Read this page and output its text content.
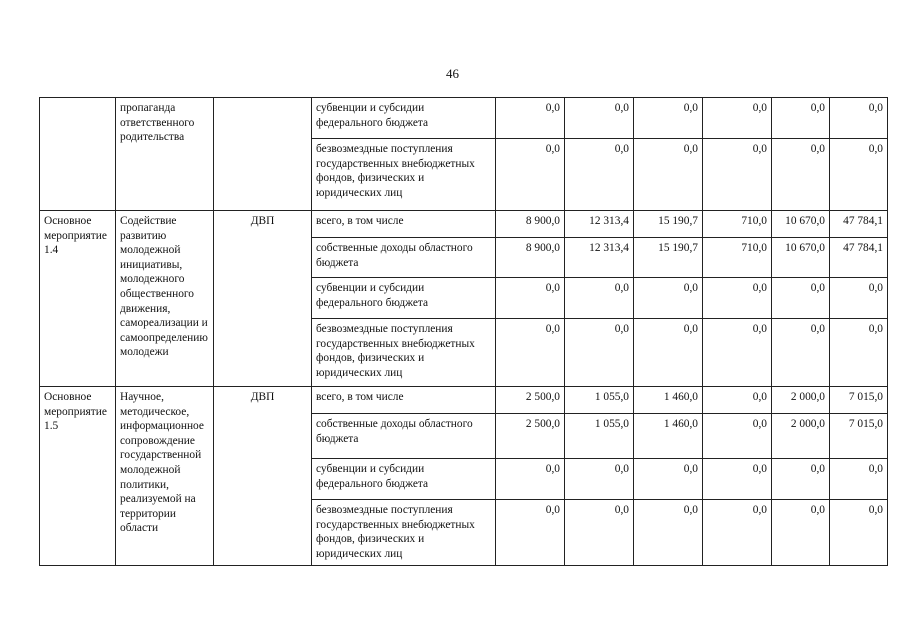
46
	пропаганда ответственного родительства		субвенции и субсидии федерального бюджета	0,0	0,0	0,0	0,0	0,0	0,0
			безвозмездные поступления государственных внебюджетных фондов, физических и юридических лиц	0,0	0,0	0,0	0,0	0,0	0,0
Основное мероприятие 1.4	Содействие развитию молодежной инициативы, молодежного общественного движения, самореализации и самоопределению молодежи	ДВП	всего, в том числе	8 900,0	12 313,4	15 190,7	710,0	10 670,0	47 784,1
			собственные доходы областного бюджета	8 900,0	12 313,4	15 190,7	710,0	10 670,0	47 784,1
			субвенции и субсидии федерального бюджета	0,0	0,0	0,0	0,0	0,0	0,0
			безвозмездные поступления государственных внебюджетных фондов, физических и юридических лиц	0,0	0,0	0,0	0,0	0,0	0,0
Основное мероприятие 1.5	Научное, методическое, информационное сопровождение государственной молодежной политики, реализуемой на территории области	ДВП	всего, в том числе	2 500,0	1 055,0	1 460,0	0,0	2 000,0	7 015,0
			собственные доходы областного бюджета	2 500,0	1 055,0	1 460,0	0,0	2 000,0	7 015,0
			субвенции и субсидии федерального бюджета	0,0	0,0	0,0	0,0	0,0	0,0
			безвозмездные поступления государственных внебюджетных фондов, физических и юридических лиц	0,0	0,0	0,0	0,0	0,0	0,0
